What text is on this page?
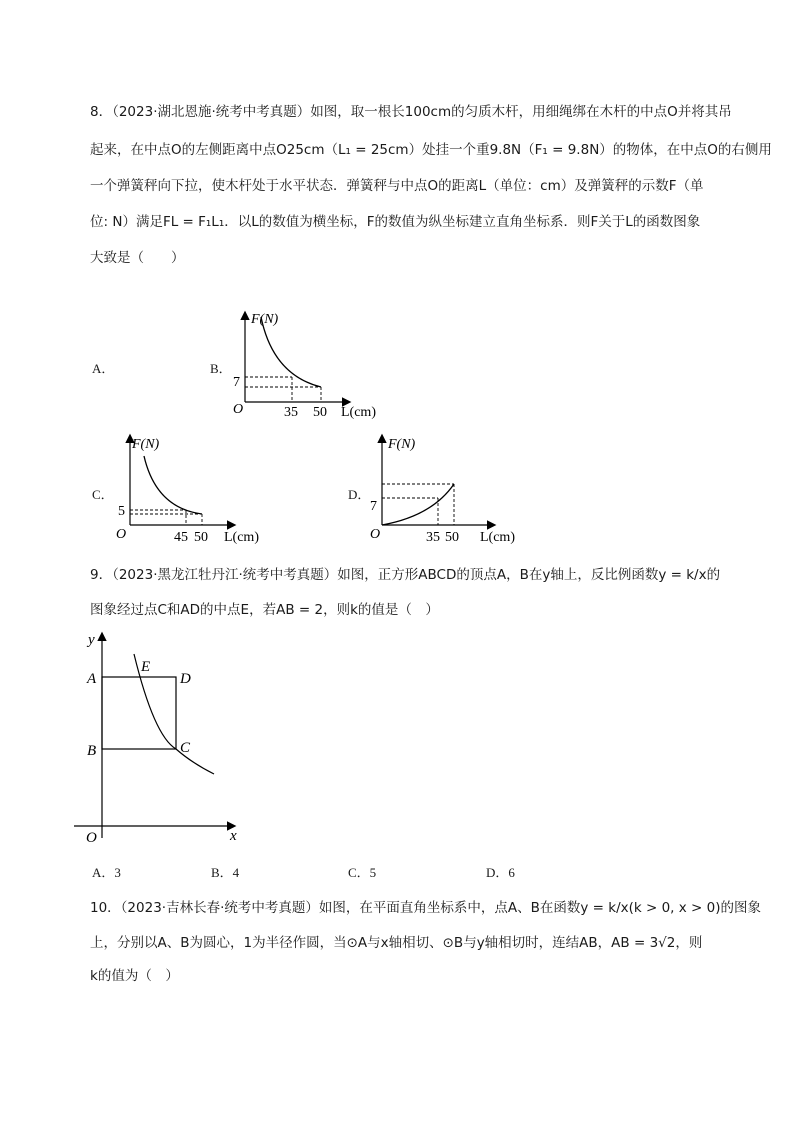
8．（2023·湖北恩施·统考中考真题）如图，取一根长100cm的匀质木杆，用细绳绑在木杆的中点O并将其吊
起来，在中点O的左侧距离中点O25cm（L₁ = 25cm）处挂一个重9.8N（F₁ = 9.8N）的物体，在中点O的右侧用
一个弹簧秤向下拉，使木杆处于水平状态．弹簧秤与中点O的距离L（单位：cm）及弹簧秤的示数F（单
位: N）满足FL = F₁L₁．以L的数值为横坐标，F的数值为纵坐标建立直角坐标系．则F关于L的函数图象
大致是（　　）
A．	B．
C．	D．
F(N)
L(cm)
O
7
35 50
F(N)
L(cm)
O
5
45 50
F(N)
L(cm)
O
7
35 50
9．（2023·黑龙江牡丹江·统考中考真题）如图，正方形ABCD的顶点A，B在y轴上，反比例函数y = k/x的
图象经过点C和AD的中点E，若AB = 2，则k的值是（　）
y
x
O
A
B	C
D
E
A．3	B．4	C．5	D．6
10．（2023·吉林长春·统考中考真题）如图，在平面直角坐标系中，点A、B在函数y = k/x(k > 0, x > 0)的图象
上，分别以A、B为圆心，1为半径作圆，当⊙A与x轴相切、⊙B与y轴相切时，连结AB，AB = 3√2，则
k的值为（　）
